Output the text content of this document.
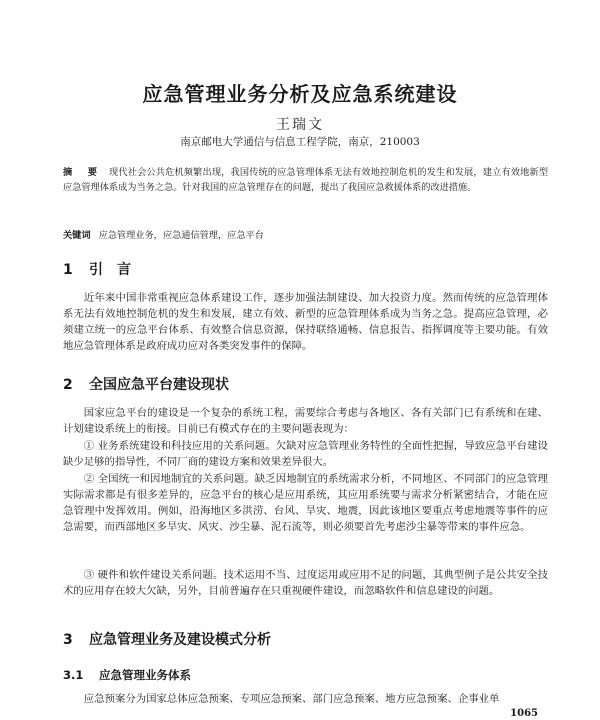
应急管理业务分析及应急系统建设
王瑞文
南京邮电大学通信与信息工程学院，南京，210003
摘 要 现代社会公共危机频繁出现，我国传统的应急管理体系无法有效地控制危机的发生和发展，建立有效地新型应急管理体系成为当务之急。针对我国的应急管理存在的问题，提出了我国应急救援体系的改进措施。
关键词 应急管理业务，应急通信管理，应急平台
1 引　言
近年来中国非常重视应急体系建设工作，逐步加强法制建设、加大投资力度。然而传统的应急管理体系无法有效地控制危机的发生和发展，建立有效、新型的应急管理体系成为当务之急。提高应急管理，必须建立统一的应急平台体系、有效整合信息资源，保持联络通畅、信息报告、指挥调度等主要功能。有效地应急管理体系是政府成功应对各类突发事件的保障。
2 全国应急平台建设现状
国家应急平台的建设是一个复杂的系统工程，需要综合考虑与各地区、各有关部门已有系统和在建、计划建设系统上的衔接。目前已有模式存在的主要问题表现为：
① 业务系统建设和科技应用的关系问题。欠缺对应急管理业务特性的全面性把握，导致应急平台建设缺少足够的指导性，不同厂商的建设方案和效果差异很大。
② 全国统一和因地制宜的关系问题。缺乏因地制宜的系统需求分析，不同地区、不同部门的应急管理实际需求都是有很多差异的，应急平台的核心是应用系统，其应用系统要与需求分析紧密结合，才能在应急管理中发挥效用。例如，沿海地区多洪涝、台风、旱灾、地震，因此该地区要重点考虑地震等事件的应急需要，而西部地区多旱灾、风灾、沙尘暴、泥石流等，则必须要首先考虑沙尘暴等带来的事件应急。
③ 硬件和软件建设关系问题。技术运用不当、过度运用或应用不足的问题，其典型例子是公共安全技术的应用存在较大欠缺，另外，目前普遍存在只重视硬件建设，而忽略软件和信息建设的问题。
3 应急管理业务及建设模式分析
3.1 应急管理业务体系
应急预案分为国家总体应急预案、专项应急预案、部门应急预案、地方应急预案、企事业单
1065
